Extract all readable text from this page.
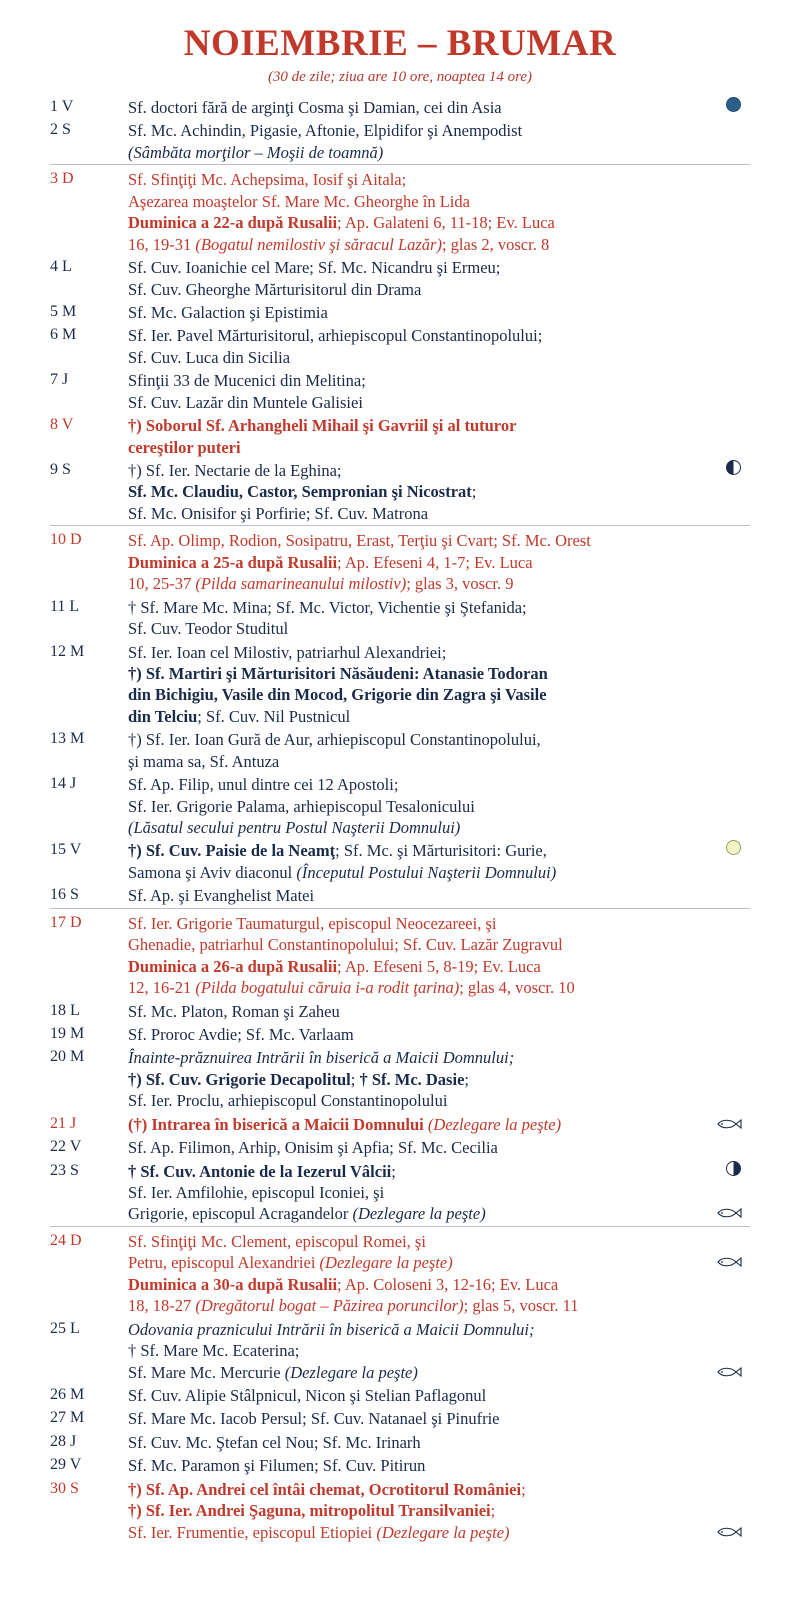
NOIEMBRIE – BRUMAR
(30 de zile; ziua are 10 ore, noaptea 14 ore)
1 V	Sf. doctori fără de arginţi Cosma şi Damian, cei din Asia	

2 S	Sf. Mc. Achindin, Pigasie, Aftonie, Elpidifor şi Anempodist
(Sâmbăta morţilor – Moşii de toamnă)	

3 D	Sf. Sfinţiţi Mc. Achepsima, Iosif şi Aitala;
Aşezarea moaştelor Sf. Mare Mc. Gheorghe în Lida
Duminica a 22-a după Rusalii; Ap. Galateni 6, 11-18; Ev. Luca
16, 19-31 (Bogatul nemilostiv şi săracul Lazăr); glas 2, voscr. 8	

4 L	Sf. Cuv. Ioanichie cel Mare; Sf. Mc. Nicandru şi Ermeu;
Sf. Cuv. Gheorghe Mărturisitorul din Drama	

5 M	Sf. Mc. Galaction şi Epistimia	

6 M	Sf. Ier. Pavel Mărturisitorul, arhiepiscopul Constantinopolului;
Sf. Cuv. Luca din Sicilia	

7 J	Sfinţii 33 de Mucenici din Melitina;
Sf. Cuv. Lazăr din Muntele Galisiei	

8 V	†) Soborul Sf. Arhangheli Mihail şi Gavriil şi al tuturor
cereştilor puteri	

9 S	†) Sf. Ier. Nectarie de la Eghina;
Sf. Mc. Claudiu, Castor, Sempronian şi Nicostrat;
Sf. Mc. Onisifor şi Porfirie; Sf. Cuv. Matrona	

10 D	Sf. Ap. Olimp, Rodion, Sosipatru, Erast, Terţiu şi Cvart; Sf. Mc. Orest
Duminica a 25-a după Rusalii; Ap. Efeseni 4, 1-7; Ev. Luca
10, 25-37 (Pilda samarineanului milostiv); glas 3, voscr. 9	

11 L	† Sf. Mare Mc. Mina; Sf. Mc. Victor, Vichentie şi Ştefanida;
Sf. Cuv. Teodor Studitul	

12 M	Sf. Ier. Ioan cel Milostiv, patriarhul Alexandriei;
†) Sf. Martiri şi Mărturisitori Năsăudeni: Atanasie Todoran
din Bichigiu, Vasile din Mocod, Grigorie din Zagra şi Vasile
din Telciu; Sf. Cuv. Nil Pustnicul	

13 M	†) Sf. Ier. Ioan Gură de Aur, arhiepiscopul Constantinopolului,
şi mama sa, Sf. Antuza	

14 J	Sf. Ap. Filip, unul dintre cei 12 Apostoli;
Sf. Ier. Grigorie Palama, arhiepiscopul Tesalonicului
(Lăsatul secului pentru Postul Naşterii Domnului)	

15 V	†) Sf. Cuv. Paisie de la Neamţ; Sf. Mc. şi Mărturisitori: Gurie,
Samona şi Aviv diaconul (Începutul Postului Naşterii Domnului)	

16 S	Sf. Ap. şi Evanghelist Matei	

17 D	Sf. Ier. Grigorie Taumaturgul, episcopul Neocezareei, şi
Ghenadie, patriarhul Constantinopolului; Sf. Cuv. Lazăr Zugravul
Duminica a 26-a după Rusalii; Ap. Efeseni 5, 8-19; Ev. Luca
12, 16-21 (Pilda bogatului căruia i-a rodit ţarina); glas 4, voscr. 10	

18 L	Sf. Mc. Platon, Roman şi Zaheu	

19 M	Sf. Proroc Avdie; Sf. Mc. Varlaam	

20 M	Înainte-prăznuirea Intrării în biserică a Maicii Domnului;
†) Sf. Cuv. Grigorie Decapolitul; † Sf. Mc. Dasie;
Sf. Ier. Proclu, arhiepiscopul Constantinopolului	

21 J	(†) Intrarea în biserică a Maicii Domnului (Dezlegare la peşte)	

22 V	Sf. Ap. Filimon, Arhip, Onisim şi Apfia; Sf. Mc. Cecilia	

23 S	† Sf. Cuv. Antonie de la Iezerul Vâlcii;
Sf. Ier. Amfilohie, episcopul Iconiei, şi
Grigorie, episcopul Acragandelor (Dezlegare la peşte)	

24 D	Sf. Sfinţiţi Mc. Clement, episcopul Romei, şi
Petru, episcopul Alexandriei (Dezlegare la peşte)
Duminica a 30-a după Rusalii; Ap. Coloseni 3, 12-16; Ev. Luca
18, 18-27 (Dregătorul bogat – Păzirea poruncilor); glas 5, voscr. 11	

25 L	Odovania praznicului Intrării în biserică a Maicii Domnului;
† Sf. Mare Mc. Ecaterina;
Sf. Mare Mc. Mercurie (Dezlegare la peşte)	

26 M	Sf. Cuv. Alipie Stâlpnicul, Nicon şi Stelian Paflagonul	

27 M	Sf. Mare Mc. Iacob Persul; Sf. Cuv. Natanael şi Pinufrie	

28 J	Sf. Cuv. Mc. Ştefan cel Nou; Sf. Mc. Irinarh	

29 V	Sf. Mc. Paramon şi Filumen; Sf. Cuv. Pitirun	

30 S	†) Sf. Ap. Andrei cel întâi chemat, Ocrotitorul României;
†) Sf. Ier. Andrei Şaguna, mitropolitul Transilvaniei;
Sf. Ier. Frumentie, episcopul Etiopiei (Dezlegare la peşte)	
